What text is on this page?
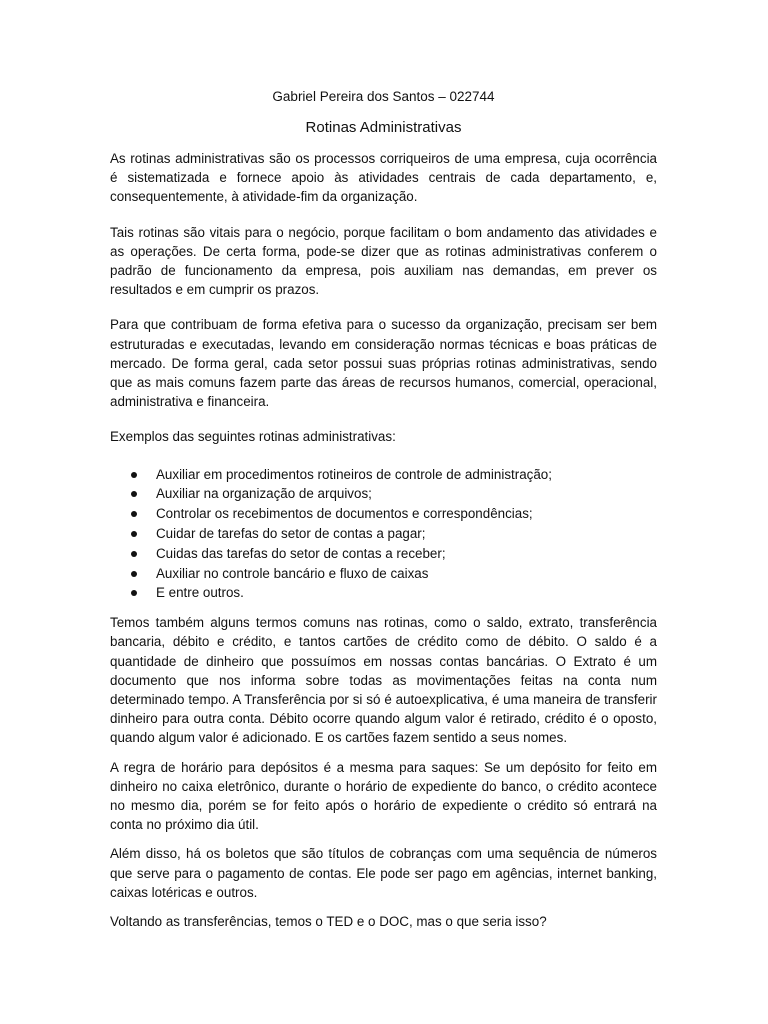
Gabriel Pereira dos Santos – 022744
Rotinas Administrativas

As rotinas administrativas são os processos corriqueiros de uma empresa, cuja ocorrência é sistematizada e fornece apoio às atividades centrais de cada departamento, e, consequentemente, à atividade-fim da organização.

Tais rotinas são vitais para o negócio, porque facilitam o bom andamento das atividades e as operações. De certa forma, pode-se dizer que as rotinas administrativas conferem o padrão de funcionamento da empresa, pois auxiliam nas demandas, em prever os resultados e em cumprir os prazos.

Para que contribuam de forma efetiva para o sucesso da organização, precisam ser bem estruturadas e executadas, levando em consideração normas técnicas e boas práticas de mercado. De forma geral, cada setor possui suas próprias rotinas administrativas, sendo que as mais comuns fazem parte das áreas de recursos humanos, comercial, operacional, administrativa e financeira.

Exemplos das seguintes rotinas administrativas:

Auxiliar em procedimentos rotineiros de controle de administração;
Auxiliar na organização de arquivos;
Controlar os recebimentos de documentos e correspondências;
Cuidar de tarefas do setor de contas a pagar;
Cuidas das tarefas do setor de contas a receber;
Auxiliar no controle bancário e fluxo de caixas
E entre outros.

Temos também alguns termos comuns nas rotinas, como o saldo, extrato, transferência bancaria, débito e crédito, e tantos cartões de crédito como de débito. O saldo é a quantidade de dinheiro que possuímos em nossas contas bancárias. O Extrato é um documento que nos informa sobre todas as movimentações feitas na conta num determinado tempo. A Transferência por si só é autoexplicativa, é uma maneira de transferir dinheiro para outra conta. Débito ocorre quando algum valor é retirado, crédito é o oposto, quando algum valor é adicionado. E os cartões fazem sentido a seus nomes.

A regra de horário para depósitos é a mesma para saques: Se um depósito for feito em dinheiro no caixa eletrônico, durante o horário de expediente do banco, o crédito acontece no mesmo dia, porém se for feito após o horário de expediente o crédito só entrará na conta no próximo dia útil.

Além disso, há os boletos que são títulos de cobranças com uma sequência de números que serve para o pagamento de contas. Ele pode ser pago em agências, internet banking, caixas lotéricas e outros.

Voltando as transferências, temos o TED e o DOC, mas o que seria isso?
